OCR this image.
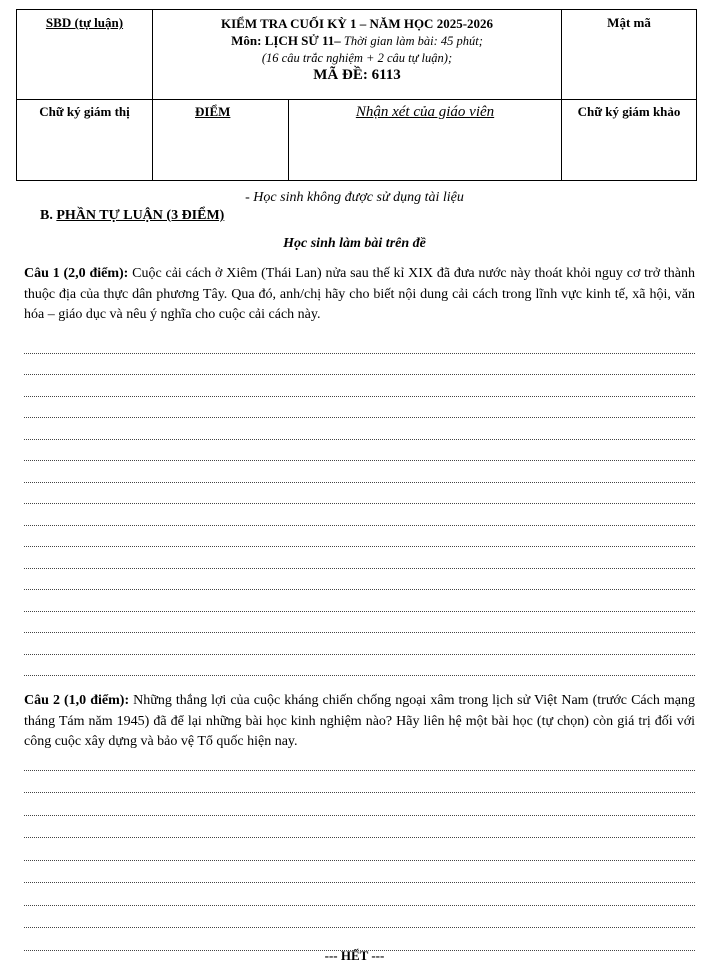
SBD (tự luận)	KIỂM TRA CUỐI KỲ 1 – NĂM HỌC 2025-2026
Môn: LỊCH SỬ 11– Thời gian làm bài: 45 phút;
(16 câu trắc nghiệm + 2 câu tự luận);
MÃ ĐỀ: 6113		Mật mã
Chữ ký giám thị	ĐIỂM	Nhận xét của giáo viên	Chữ ký giám khảo
- Học sinh không được sử dụng tài liệu
B. PHẦN TỰ LUẬN (3 ĐIỂM)
Học sinh làm bài trên đề
Câu 1 (2,0 điểm): Cuộc cải cách ở Xiêm (Thái Lan) nửa sau thế kỉ XIX đã đưa nước này thoát khỏi nguy cơ trở thành thuộc địa của thực dân phương Tây. Qua đó, anh/chị hãy cho biết nội dung cải cách trong lĩnh vực kinh tế, xã hội, văn hóa – giáo dục và nêu ý nghĩa cho cuộc cải cách này.
Câu 2 (1,0 điểm): Những thắng lợi của cuộc kháng chiến chống ngoại xâm trong lịch sử Việt Nam (trước Cách mạng tháng Tám năm 1945) đã để lại những bài học kinh nghiệm nào? Hãy liên hệ một bài học (tự chọn) còn giá trị đối với công cuộc xây dựng và bảo vệ Tổ quốc hiện nay.
--- HẾT ---
